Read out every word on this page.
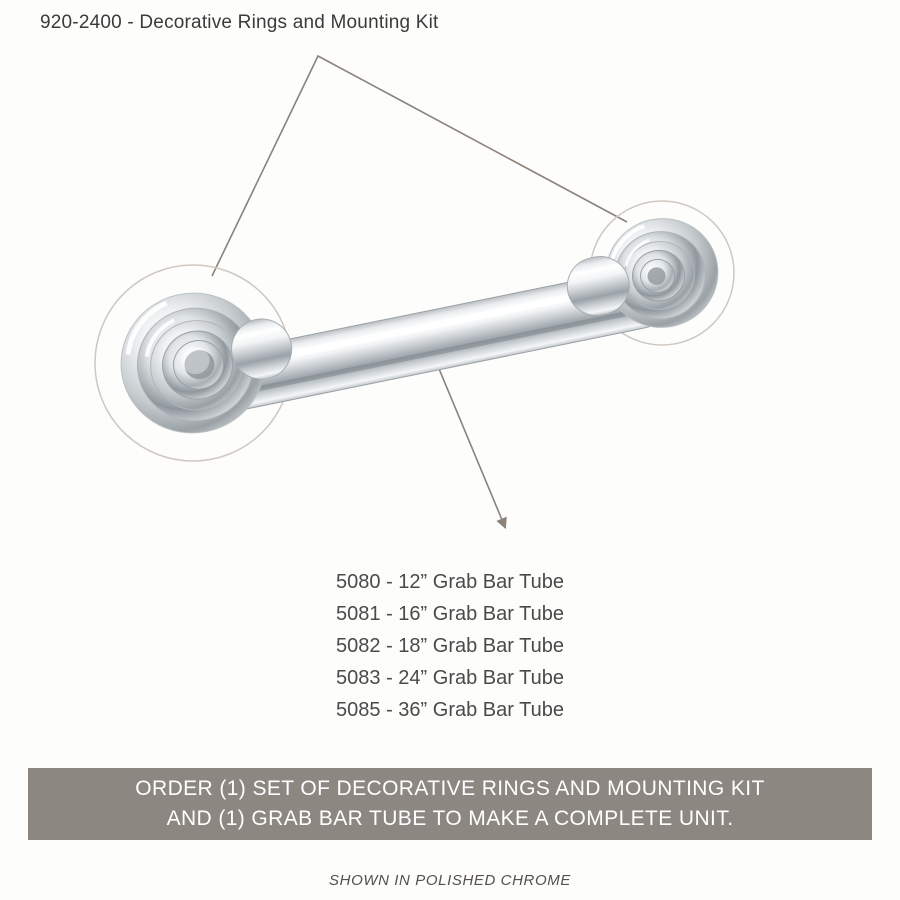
920-2400 - Decorative Rings and Mounting Kit
5080 - 12” Grab Bar Tube
5081 - 16” Grab Bar Tube
5082 - 18” Grab Bar Tube
5083 - 24” Grab Bar Tube
5085 - 36” Grab Bar Tube
ORDER (1) SET OF DECORATIVE RINGS AND MOUNTING KIT
AND (1) GRAB BAR TUBE TO MAKE A COMPLETE UNIT.
SHOWN IN POLISHED CHROME
